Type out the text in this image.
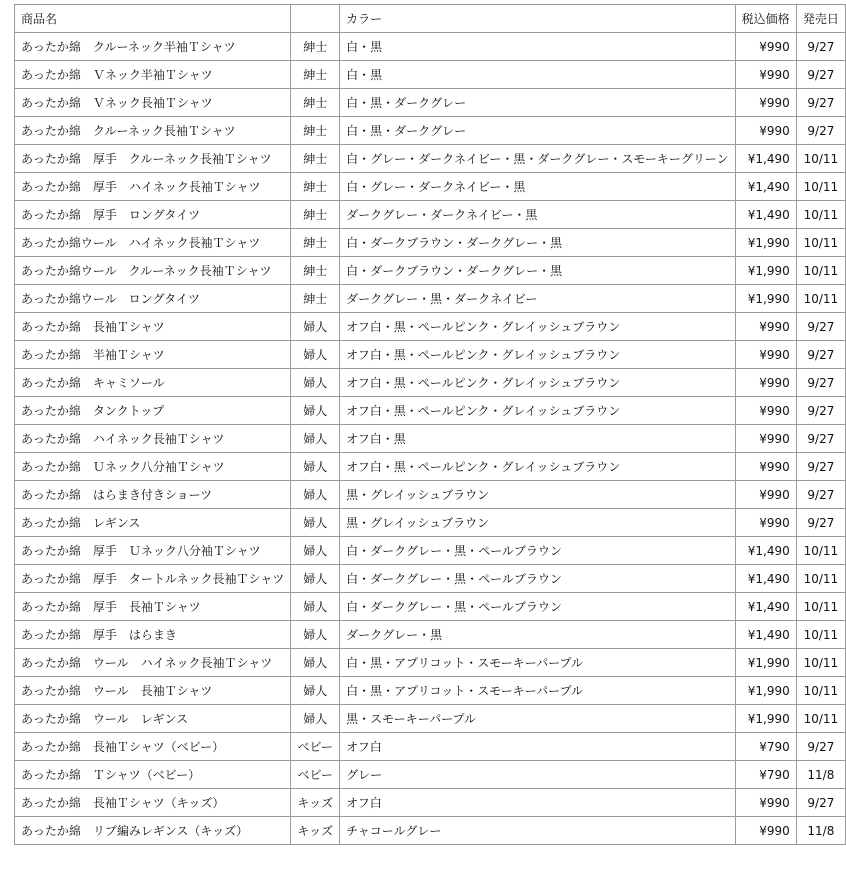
商品名		カラー	税込価格	発売日
あったか綿　クルーネック半袖Ｔシャツ	紳士	白・黒	¥990	9/27
あったか綿　Ｖネック半袖Ｔシャツ	紳士	白・黒	¥990	9/27
あったか綿　Ｖネック長袖Ｔシャツ	紳士	白・黒・ダークグレー	¥990	9/27
あったか綿　クルーネック長袖Ｔシャツ	紳士	白・黒・ダークグレー	¥990	9/27
あったか綿　厚手　クルーネック長袖Ｔシャツ	紳士	白・グレー・ダークネイビー・黒・ダークグレー・スモーキーグリーン	¥1,490	10/11
あったか綿　厚手　ハイネック長袖Ｔシャツ	紳士	白・グレー・ダークネイビー・黒	¥1,490	10/11
あったか綿　厚手　ロングタイツ	紳士	ダークグレー・ダークネイビー・黒	¥1,490	10/11
あったか綿ウール　ハイネック長袖Ｔシャツ	紳士	白・ダークブラウン・ダークグレー・黒	¥1,990	10/11
あったか綿ウール　クルーネック長袖Ｔシャツ	紳士	白・ダークブラウン・ダークグレー・黒	¥1,990	10/11
あったか綿ウール　ロングタイツ	紳士	ダークグレー・黒・ダークネイビー	¥1,990	10/11
あったか綿　長袖Ｔシャツ	婦人	オフ白・黒・ペールピンク・グレイッシュブラウン	¥990	9/27
あったか綿　半袖Ｔシャツ	婦人	オフ白・黒・ペールピンク・グレイッシュブラウン	¥990	9/27
あったか綿　キャミソール	婦人	オフ白・黒・ペールピンク・グレイッシュブラウン	¥990	9/27
あったか綿　タンクトップ	婦人	オフ白・黒・ペールピンク・グレイッシュブラウン	¥990	9/27
あったか綿　ハイネック長袖Ｔシャツ	婦人	オフ白・黒	¥990	9/27
あったか綿　Ｕネック八分袖Ｔシャツ	婦人	オフ白・黒・ペールピンク・グレイッシュブラウン	¥990	9/27
あったか綿　はらまき付きショーツ	婦人	黒・グレイッシュブラウン	¥990	9/27
あったか綿　レギンス	婦人	黒・グレイッシュブラウン	¥990	9/27
あったか綿　厚手　Ｕネック八分袖Ｔシャツ	婦人	白・ダークグレー・黒・ペールブラウン	¥1,490	10/11
あったか綿　厚手　タートルネック長袖Ｔシャツ	婦人	白・ダークグレー・黒・ペールブラウン	¥1,490	10/11
あったか綿　厚手　長袖Ｔシャツ	婦人	白・ダークグレー・黒・ペールブラウン	¥1,490	10/11
あったか綿　厚手　はらまき	婦人	ダークグレー・黒	¥1,490	10/11
あったか綿　ウール　ハイネック長袖Ｔシャツ	婦人	白・黒・アプリコット・スモーキーパープル	¥1,990	10/11
あったか綿　ウール　長袖Ｔシャツ	婦人	白・黒・アプリコット・スモーキーパープル	¥1,990	10/11
あったか綿　ウール　レギンス	婦人	黒・スモーキーパープル	¥1,990	10/11
あったか綿　長袖Ｔシャツ（ベビー）	ベビー	オフ白	¥790	9/27
あったか綿　Ｔシャツ（ベビー）	ベビー	グレー	¥790	11/8
あったか綿　長袖Ｔシャツ（キッズ）	キッズ	オフ白	¥990	9/27
あったか綿　リブ編みレギンス（キッズ）	キッズ	チャコールグレー	¥990	11/8
